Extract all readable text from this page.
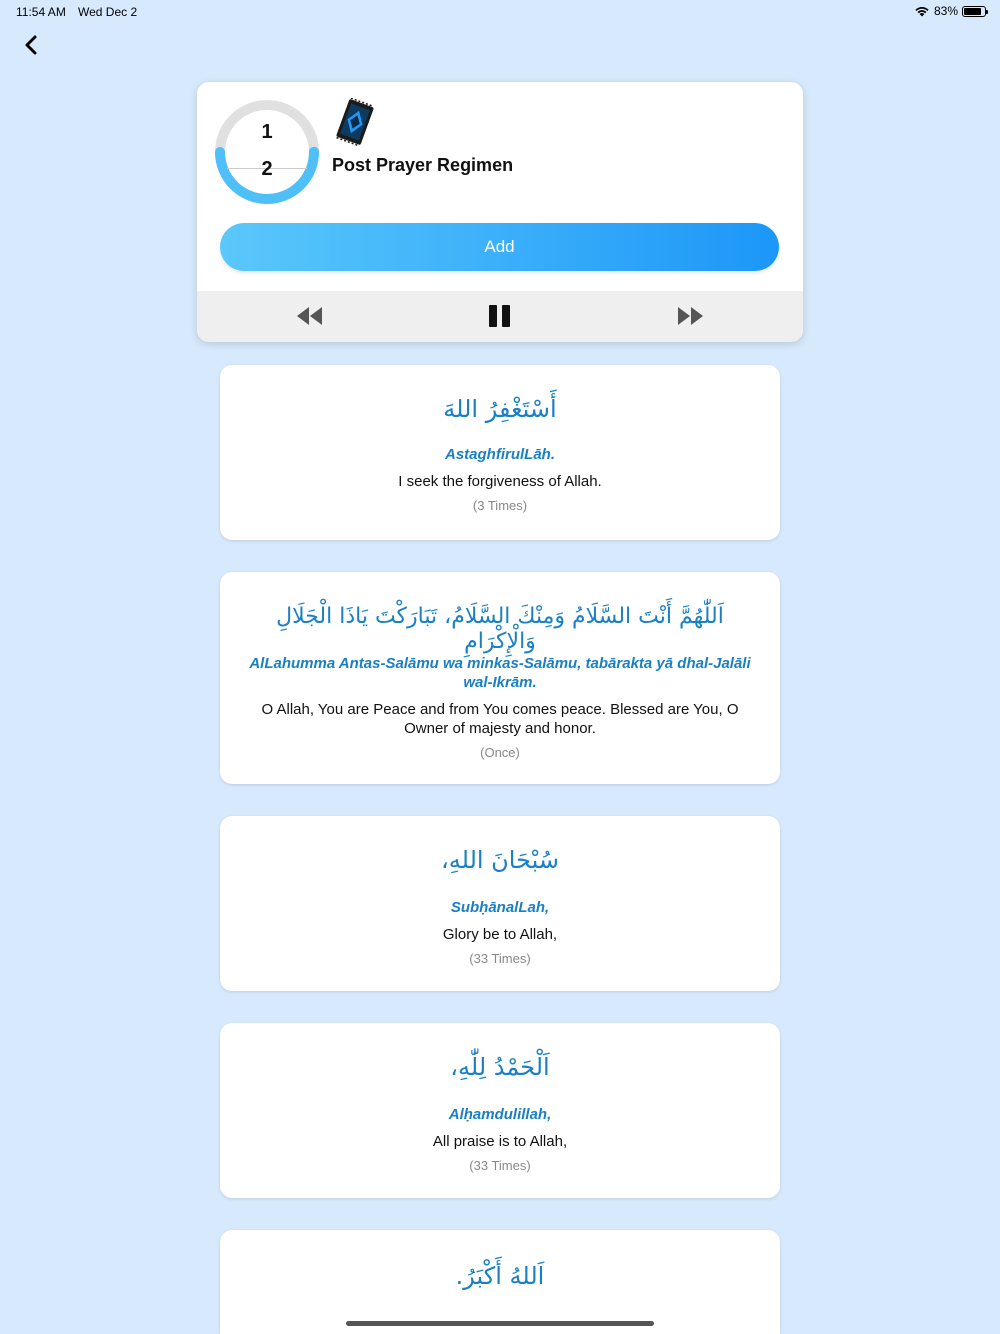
11:54 AM Wed Dec 2	83%
1
2	Post Prayer Regimen
Add
أَسْتَغْفِرُ اللهَ
AstaghfirulLāh.
I seek the forgiveness of Allah.
(3 Times)
اَللّٰهُمَّ أَنْتَ السَّلَامُ وَمِنْكَ السَّلَامُ، تَبَارَكْتَ يَاذَا الْجَلَالِ وَالْإِكْرَامِ
AlLahumma Antas-Salāmu wa minkas-Salāmu, tabārakta yā dhal-Jalāli wal-Ikrām.
O Allah, You are Peace and from You comes peace. Blessed are You, O Owner of majesty and honor.
(Once)
سُبْحَانَ اللهِ،
SubḥānalLah,
Glory be to Allah,
(33 Times)
اَلْحَمْدُ لِلّٰهِ،
Alḥamdulillah,
All praise is to Allah,
(33 Times)
اَللهُ أَكْبَرُ.
